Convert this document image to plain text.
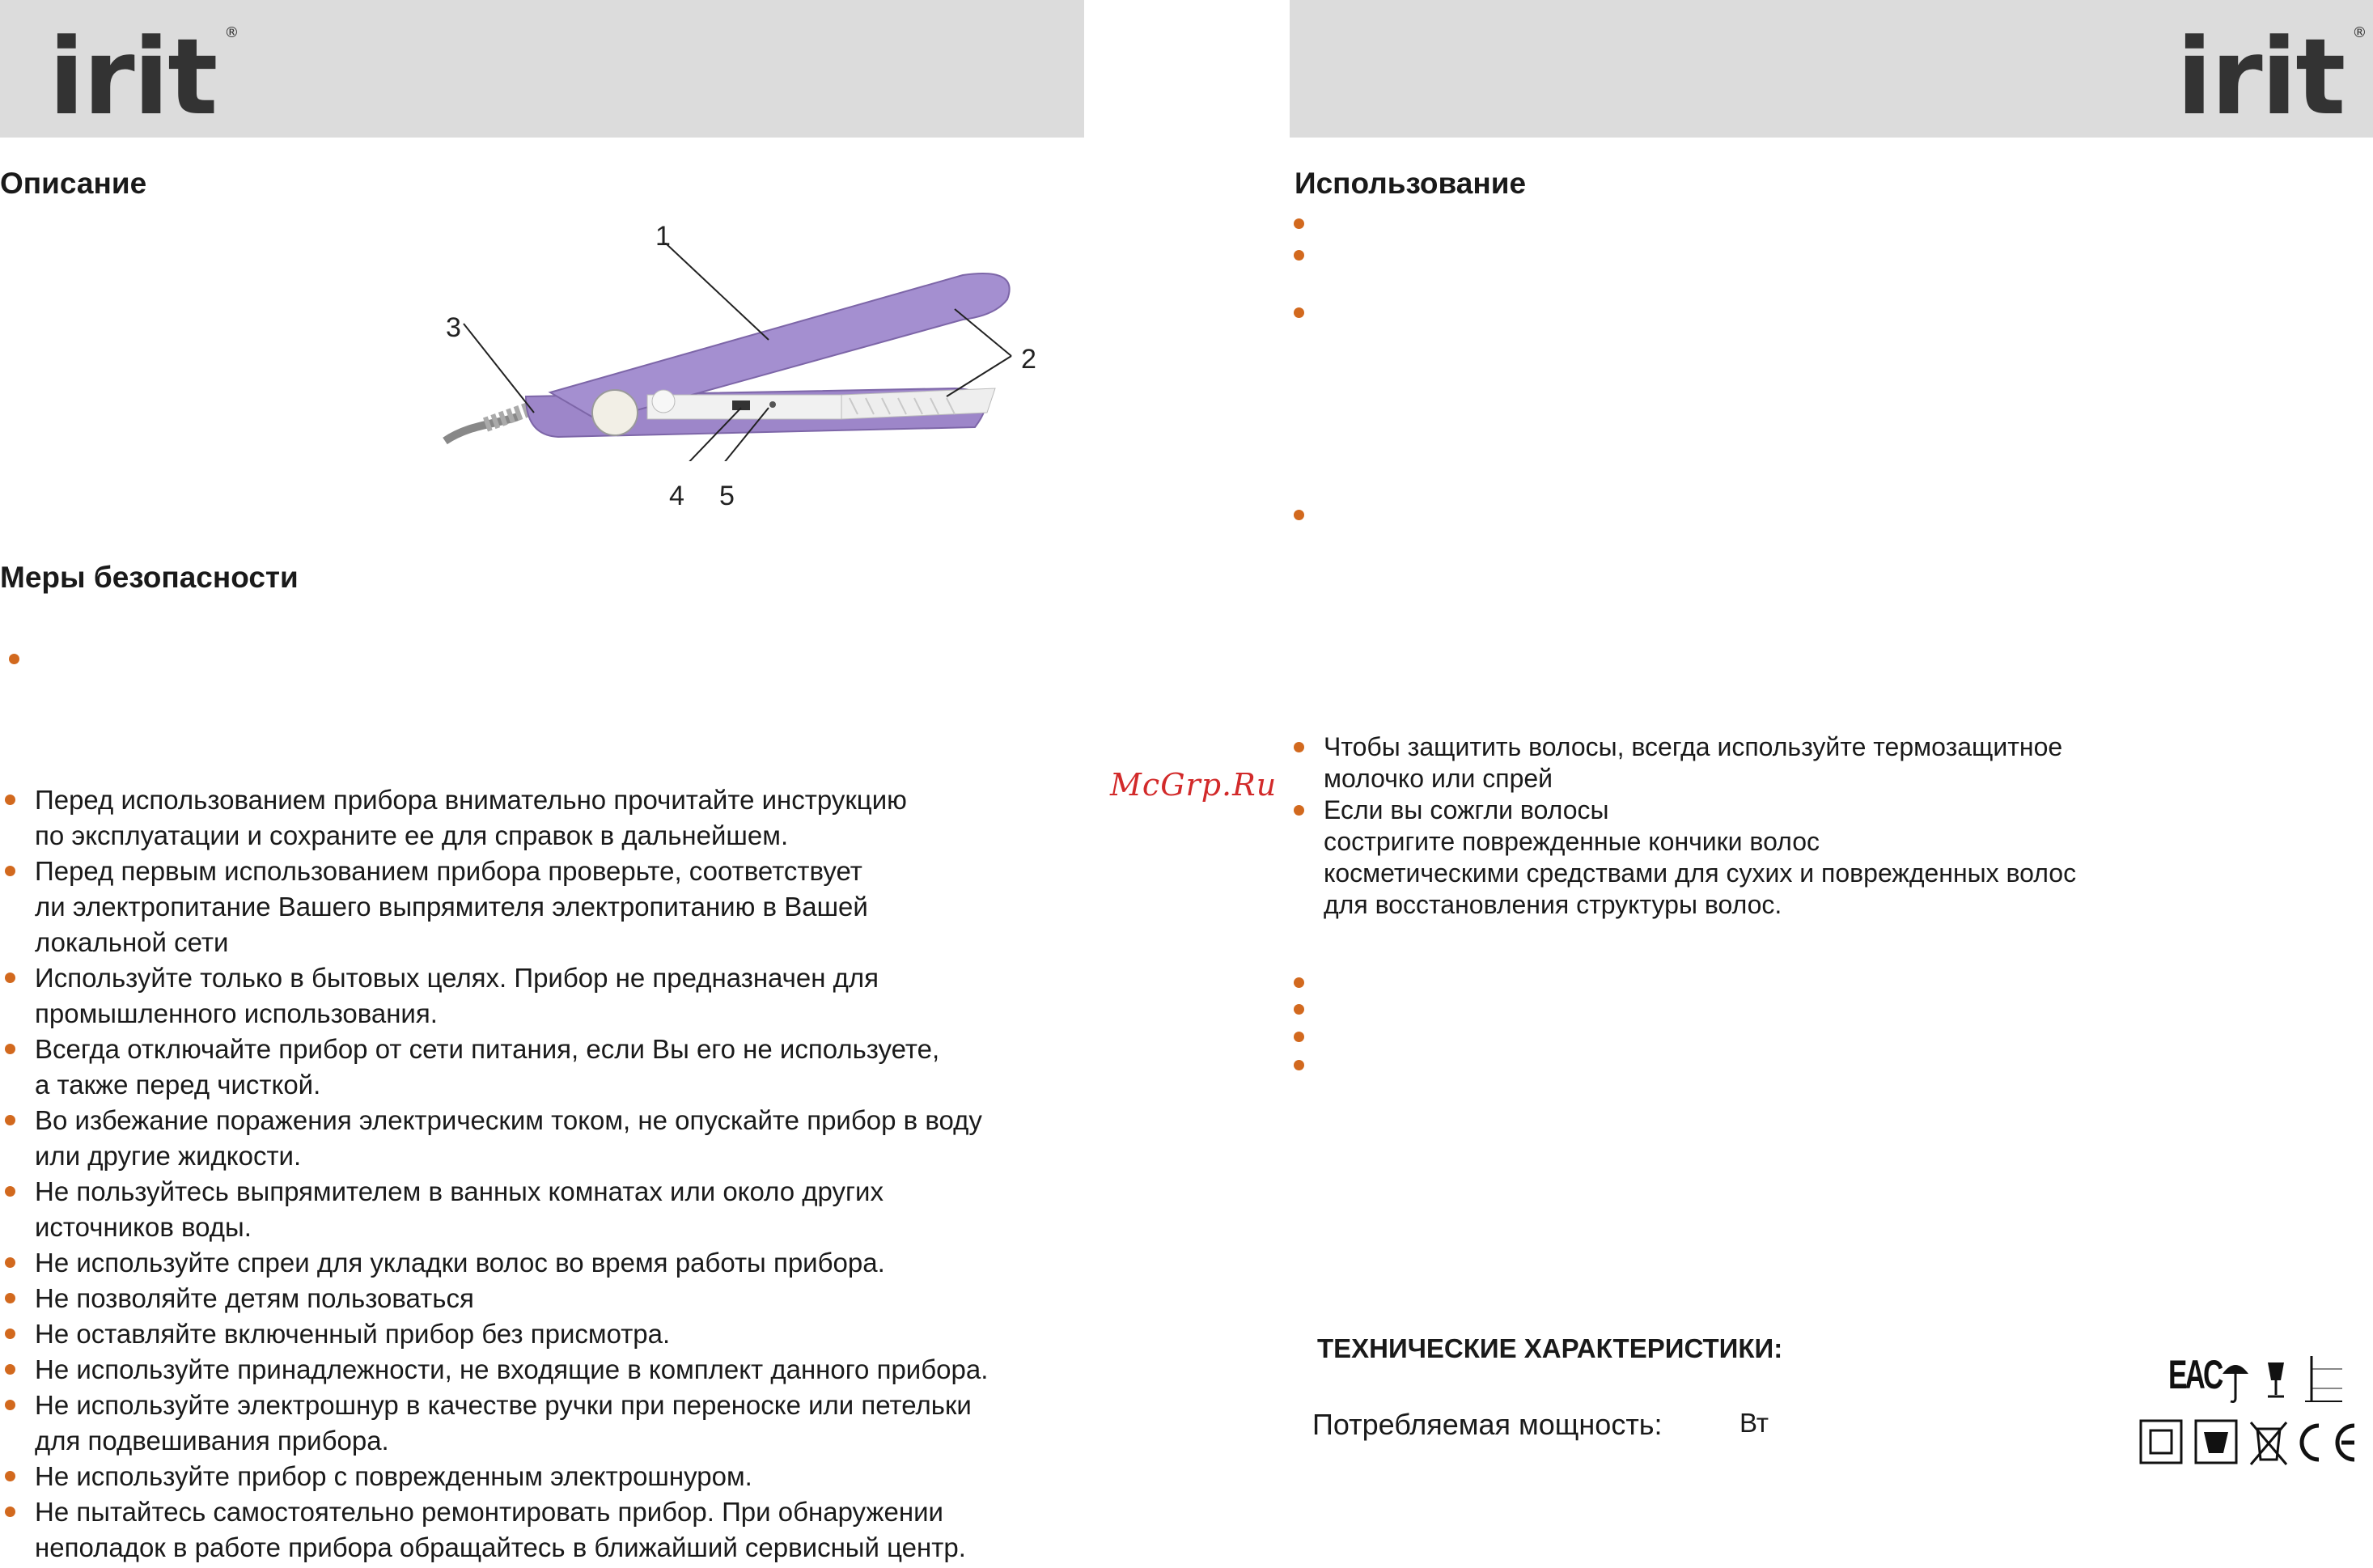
irit ®
Описание
1
2
3
4 5
Меры безопасности
Перед использованием прибора внимательно прочитайте инструкцию
по эксплуатации и сохраните ее для справок в дальнейшем.
Перед первым использованием прибора проверьте, соответствует
ли электропитание Вашего выпрямителя электропитанию в Вашей
локальной сети
Используйте только в бытовых целях. Прибор не предназначен для
промышленного использования.
Всегда отключайте прибор от сети питания, если Вы его не используете,
а также перед чисткой.
Во избежание поражения электрическим током, не опускайте прибор в воду
или другие жидкости.
Не пользуйтесь выпрямителем в ванных комнатах или около других
источников воды.
Не используйте спреи для укладки волос во время работы прибора.
Не позволяйте детям пользоваться
Не оставляйте включенный прибор без присмотра.
Не используйте принадлежности, не входящие в комплект данного прибора.
Не используйте электрошнур в качестве ручки при переноске или петельки
для подвешивания прибора.
Не используйте прибор с поврежденным электрошнуром.
Не пытайтесь самостоятельно ремонтировать прибор. При обнаружении
неполадок в работе прибора обращайтесь в ближайший сервисный центр.
McGrp.Ru
irit ®
Использование
Чтобы защитить волосы, всегда используйте термозащитное
молочко или спрей
Если вы сожгли волосы
состригите поврежденные кончики волос
косметическими средствами для сухих и поврежденных волос
для восстановления структуры волос.
ТЕХНИЧЕСКИЕ ХАРАКТЕРИСТИКИ:
Потребляемая мощность:	Вт
EAC
